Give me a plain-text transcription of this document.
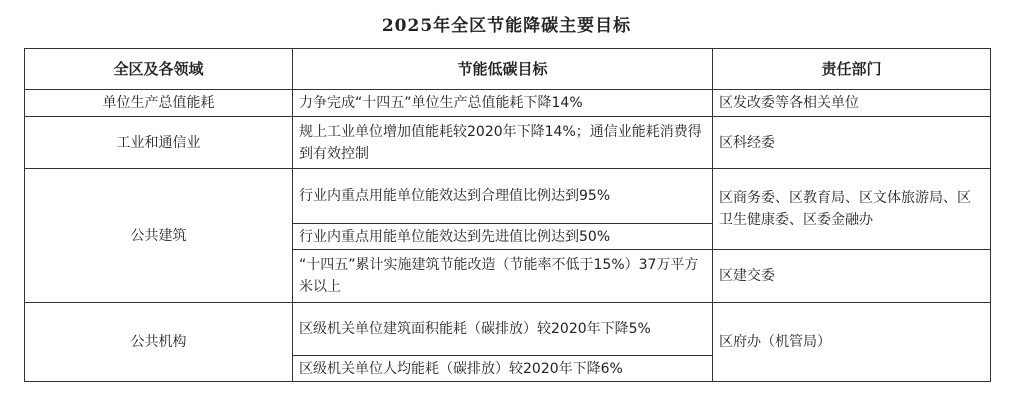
2025年全区节能降碳主要目标
全区及各领域	节能低碳目标	责任部门
单位生产总值能耗	力争完成“十四五”单位生产总值能耗下降14%	区发改委等各相关单位
工业和通信业	规上工业单位增加值能耗较2020年下降14%；通信业能耗消费得到有效控制	区科经委
公共建筑	行业内重点用能单位能效达到合理值比例达到95%	区商务委、区教育局、区文体旅游局、区卫生健康委、区委金融办
	行业内重点用能单位能效达到先进值比例达到50%	
	“十四五”累计实施建筑节能改造（节能率不低于15%）37万平方米以上	区建交委
公共机构	区级机关单位建筑面积能耗（碳排放）较2020年下降5%	区府办（机管局）
	区级机关单位人均能耗（碳排放）较2020年下降6%	
